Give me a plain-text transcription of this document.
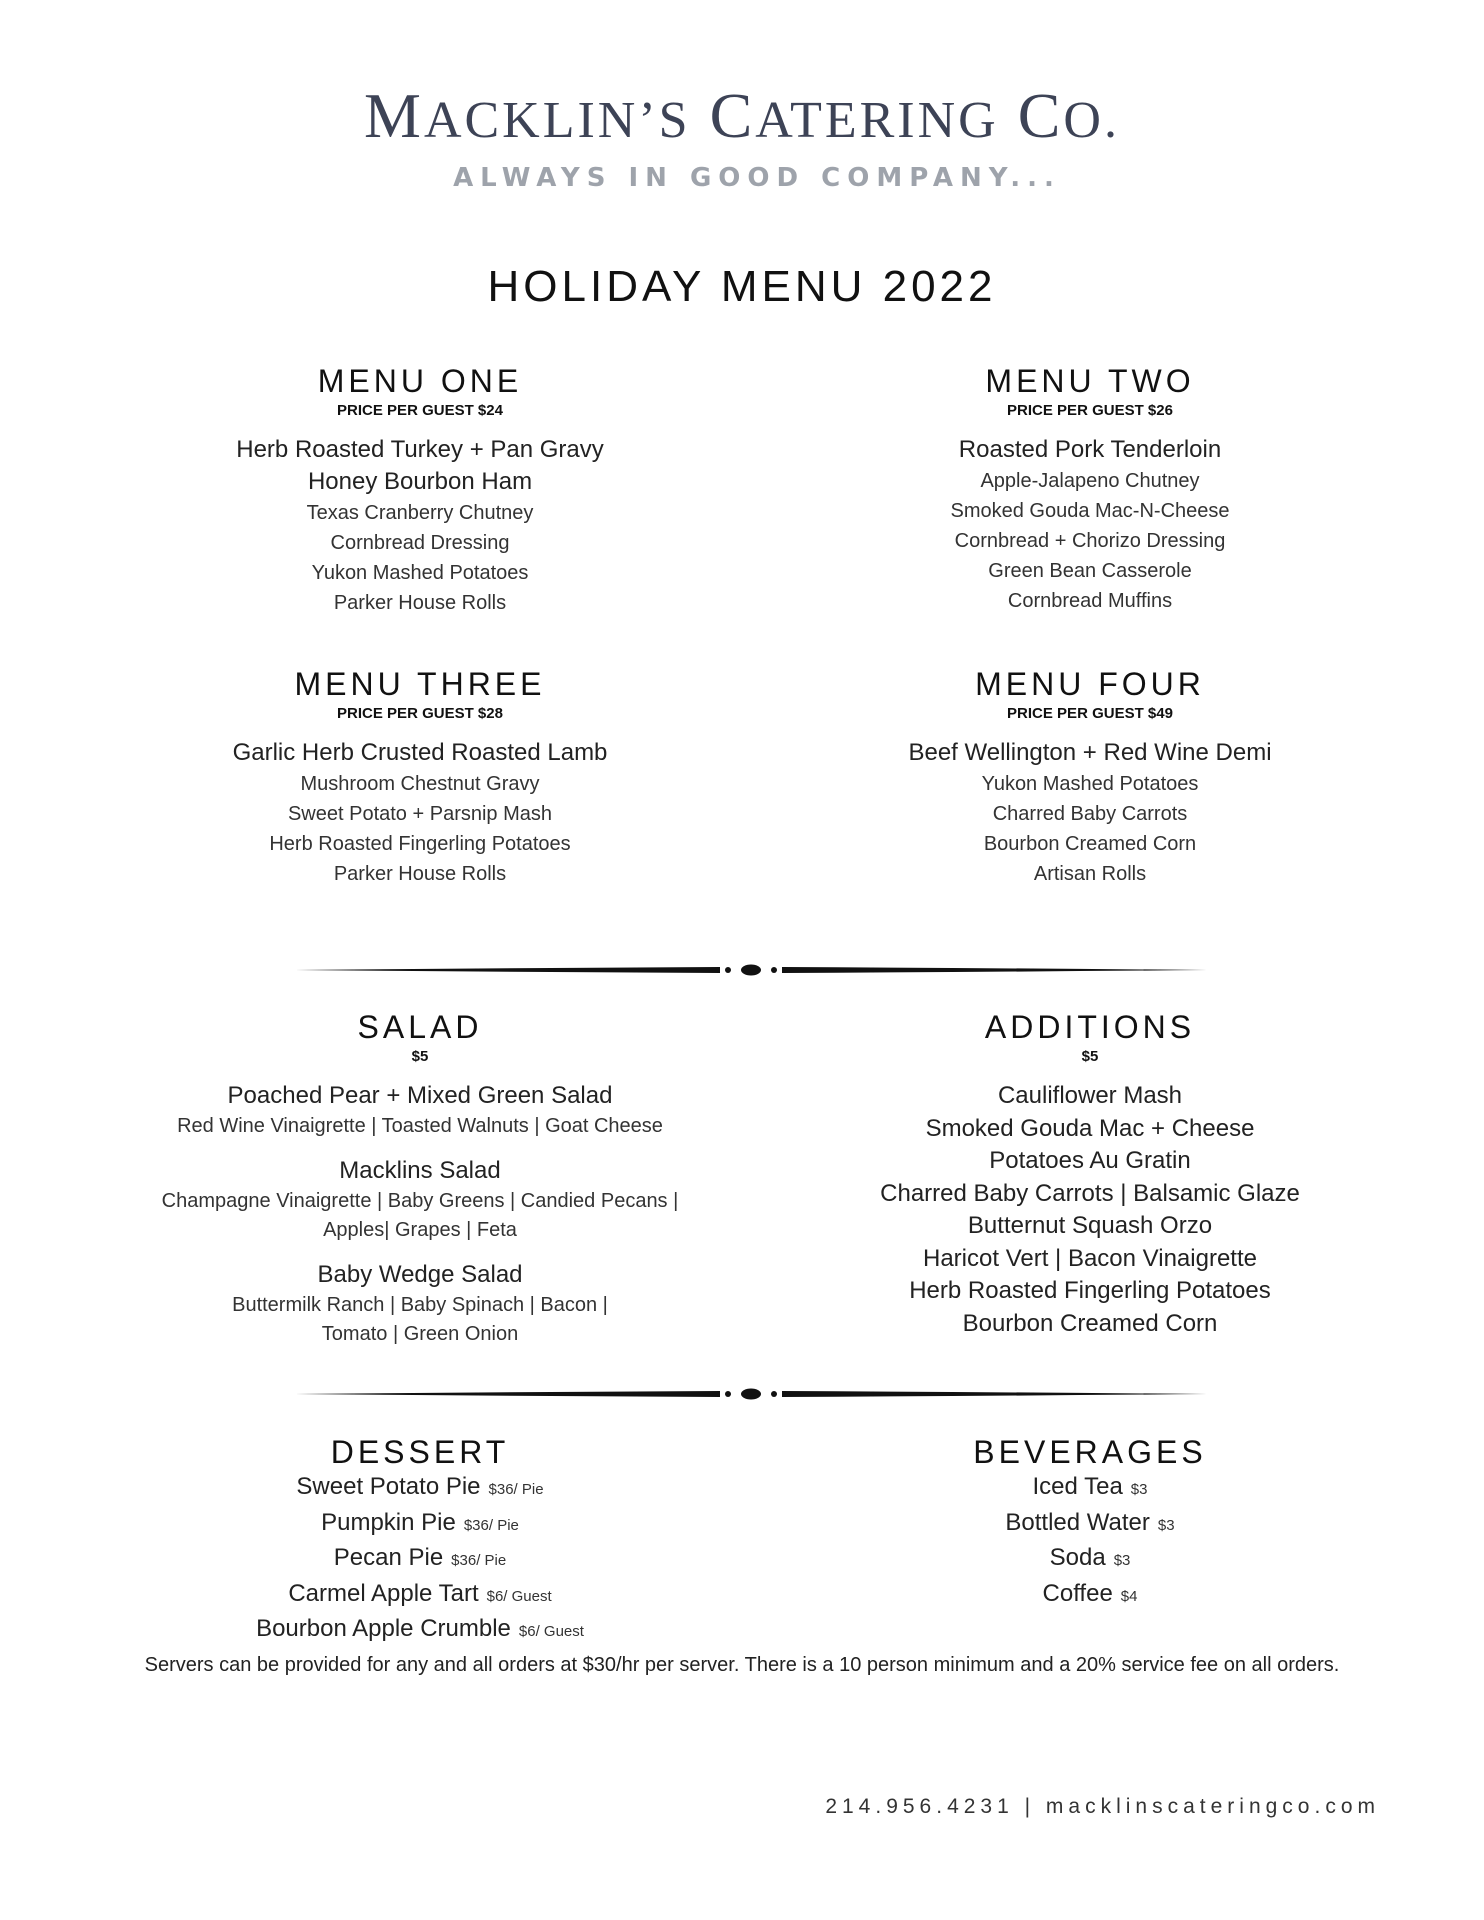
MACKLIN’S CATERING CO.
ALWAYS IN GOOD COMPANY...
HOLIDAY MENU 2022
MENU ONE
PRICE PER GUEST $24
Herb Roasted Turkey + Pan Gravy
Honey Bourbon Ham
Texas Cranberry Chutney
Cornbread Dressing
Yukon Mashed Potatoes
Parker House Rolls
MENU TWO
PRICE PER GUEST $26
Roasted Pork Tenderloin
Apple-Jalapeno Chutney
Smoked Gouda Mac-N-Cheese
Cornbread + Chorizo Dressing
Green Bean Casserole
Cornbread Muffins
MENU THREE
PRICE PER GUEST $28
Garlic Herb Crusted Roasted Lamb
Mushroom Chestnut Gravy
Sweet Potato + Parsnip Mash
Herb Roasted Fingerling Potatoes
Parker House Rolls
MENU FOUR
PRICE PER GUEST $49
Beef Wellington + Red Wine Demi
Yukon Mashed Potatoes
Charred Baby Carrots
Bourbon Creamed Corn
Artisan Rolls
SALAD
$5
Poached Pear + Mixed Green Salad
Red Wine Vinaigrette | Toasted Walnuts | Goat Cheese
Macklins Salad
Champagne Vinaigrette | Baby Greens | Candied Pecans |
Apples| Grapes | Feta
Baby Wedge Salad
Buttermilk Ranch | Baby Spinach | Bacon |
Tomato | Green Onion
ADDITIONS
$5
Cauliflower Mash
Smoked Gouda Mac + Cheese
Potatoes Au Gratin
Charred Baby Carrots | Balsamic Glaze
Butternut Squash Orzo
Haricot Vert | Bacon Vinaigrette
Herb Roasted Fingerling Potatoes
Bourbon Creamed Corn
DESSERT
Sweet Potato Pie $36/ Pie
Pumpkin Pie $36/ Pie
Pecan Pie $36/ Pie
Carmel Apple Tart $6/ Guest
Bourbon Apple Crumble $6/ Guest
BEVERAGES
Iced Tea $3
Bottled Water $3
Soda $3
Coffee $4
Servers can be provided for any and all orders at $30/hr per server. There is a 10 person minimum and a 20% service fee on all orders.
214.956.4231 | macklinscateringco.com
